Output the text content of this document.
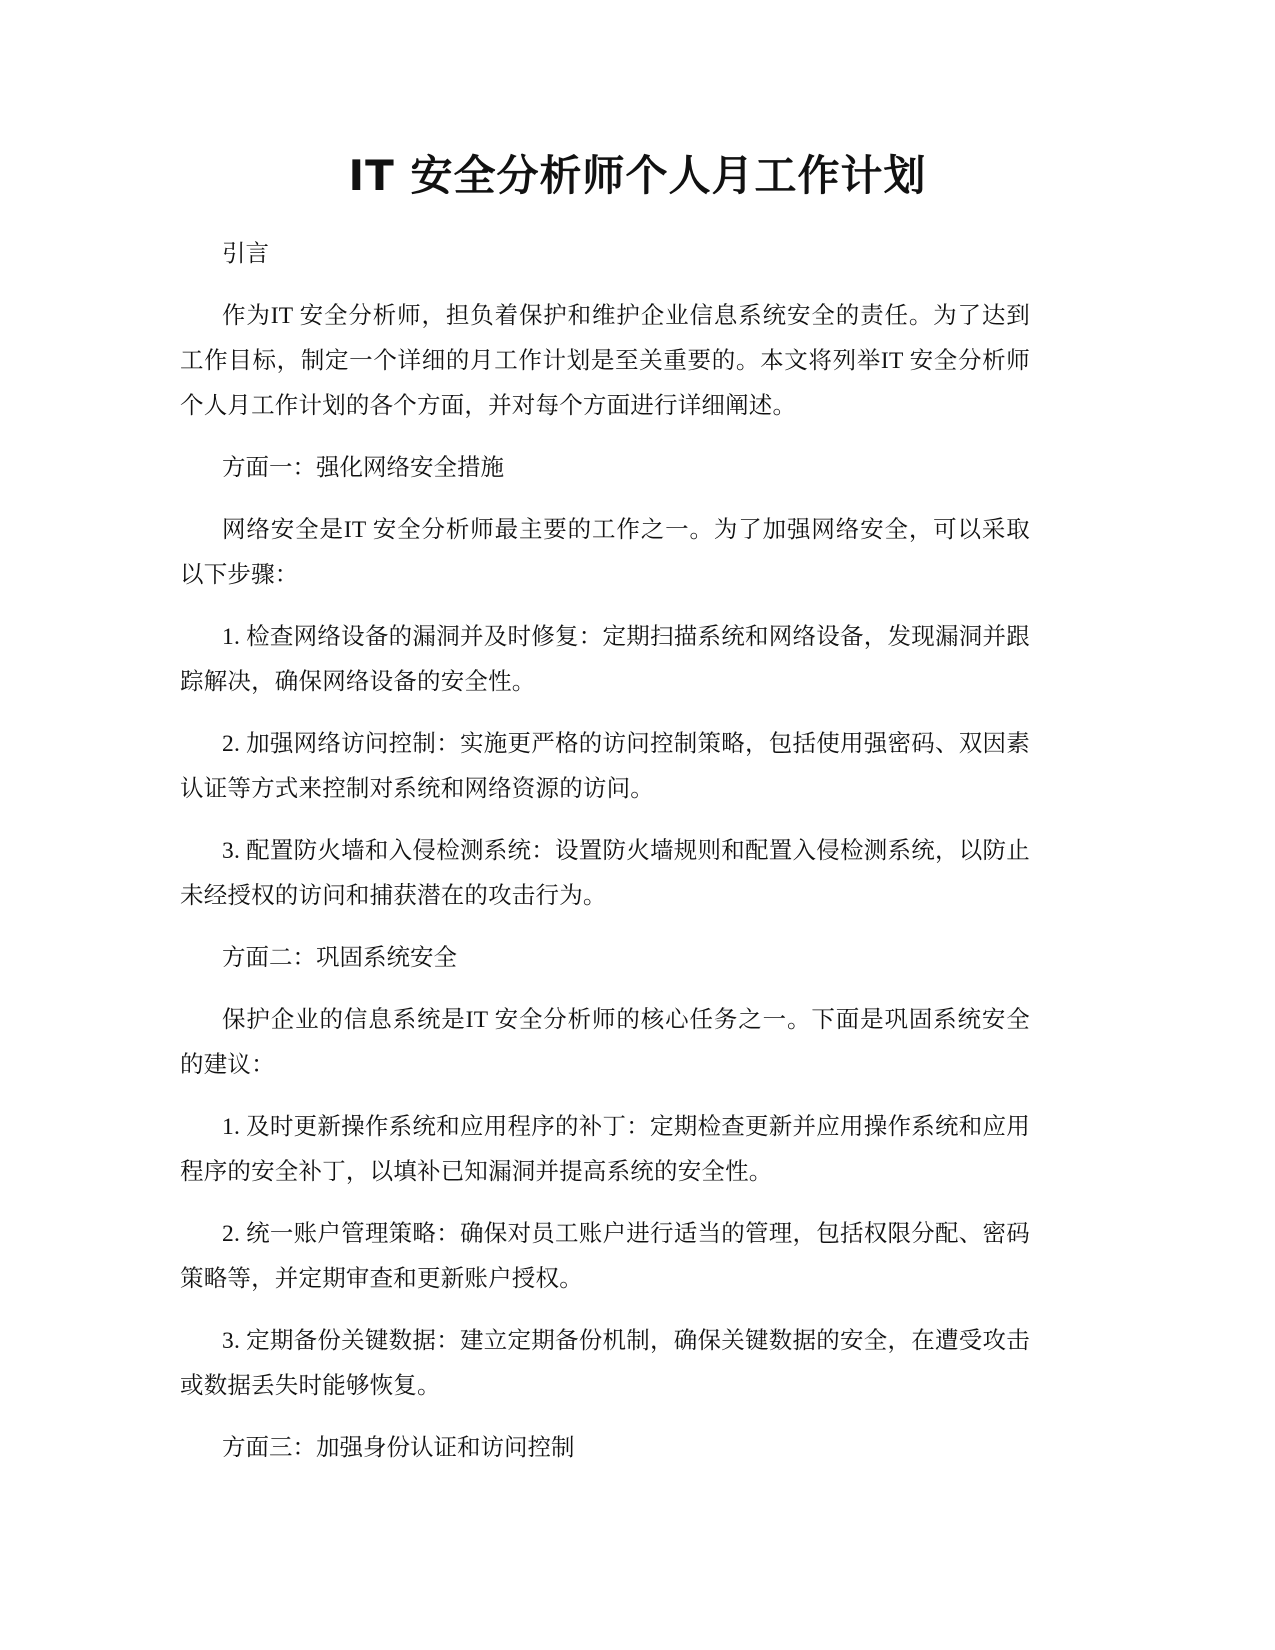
IT 安全分析师个人月工作计划

引言

作为IT 安全分析师，担负着保护和维护企业信息系统安全的责任。为了达到工作目标，制定一个详细的月工作计划是至关重要的。本文将列举IT 安全分析师个人月工作计划的各个方面，并对每个方面进行详细阐述。

方面一：强化网络安全措施

网络安全是IT 安全分析师最主要的工作之一。为了加强网络安全，可以采取以下步骤：

1. 检查网络设备的漏洞并及时修复：定期扫描系统和网络设备，发现漏洞并跟踪解决，确保网络设备的安全性。

2. 加强网络访问控制：实施更严格的访问控制策略，包括使用强密码、双因素认证等方式来控制对系统和网络资源的访问。

3. 配置防火墙和入侵检测系统：设置防火墙规则和配置入侵检测系统，以防止未经授权的访问和捕获潜在的攻击行为。

方面二：巩固系统安全

保护企业的信息系统是IT 安全分析师的核心任务之一。下面是巩固系统安全的建议：

1. 及时更新操作系统和应用程序的补丁：定期检查更新并应用操作系统和应用程序的安全补丁，以填补已知漏洞并提高系统的安全性。

2. 统一账户管理策略：确保对员工账户进行适当的管理，包括权限分配、密码策略等，并定期审查和更新账户授权。

3. 定期备份关键数据：建立定期备份机制，确保关键数据的安全，在遭受攻击或数据丢失时能够恢复。

方面三：加强身份认证和访问控制
